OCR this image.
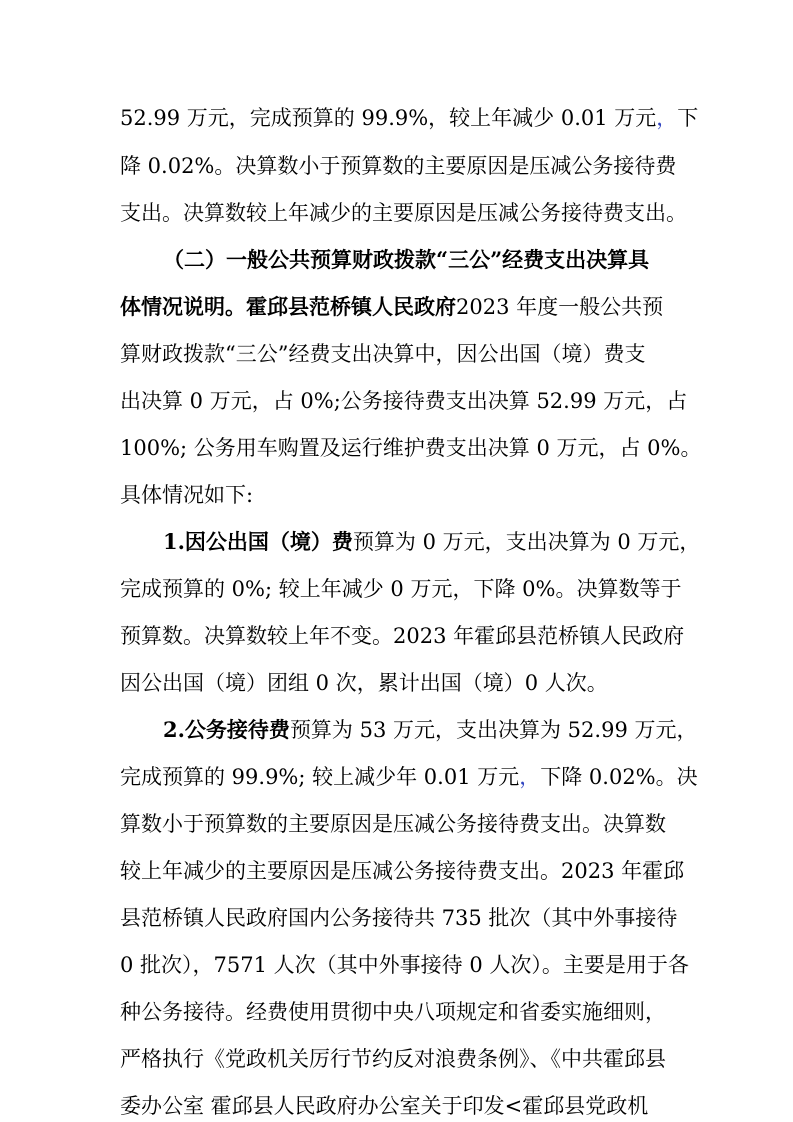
52.99 万元，完成预算的 99.9%，较上年减少 0.01 万元，下
降 0.02%。决算数小于预算数的主要原因是压减公务接待费
支出。决算数较上年减少的主要原因是压减公务接待费支出。
（二）一般公共预算财政拨款“三公”经费支出决算具
体情况说明。霍邱县范桥镇人民政府2023 年度一般公共预
算财政拨款“三公”经费支出决算中，因公出国（境）费支
出决算 0 万元，占 0%;公务接待费支出决算 52.99 万元，占
100%; 公务用车购置及运行维护费支出决算 0 万元，占 0%。
具体情况如下:
1.因公出国（境）费预算为 0 万元，支出决算为 0 万元，
完成预算的 0%; 较上年减少 0 万元，下降 0%。决算数等于
预算数。决算数较上年不变。2023 年霍邱县范桥镇人民政府
因公出国（境）团组 0 次，累计出国（境）0 人次。
2.公务接待费预算为 53 万元，支出决算为 52.99 万元，
完成预算的 99.9%; 较上减少年 0.01 万元，下降 0.02%。决
算数小于预算数的主要原因是压减公务接待费支出。决算数
较上年减少的主要原因是压减公务接待费支出。2023 年霍邱
县范桥镇人民政府国内公务接待共 735 批次（其中外事接待
0 批次），7571 人次（其中外事接待 0 人次）。主要是用于各
种公务接待。经费使用贯彻中央八项规定和省委实施细则，
严格执行《党政机关厉行节约反对浪费条例》、《中共霍邱县
委办公室 霍邱县人民政府办公室关于印发<霍邱县党政机
